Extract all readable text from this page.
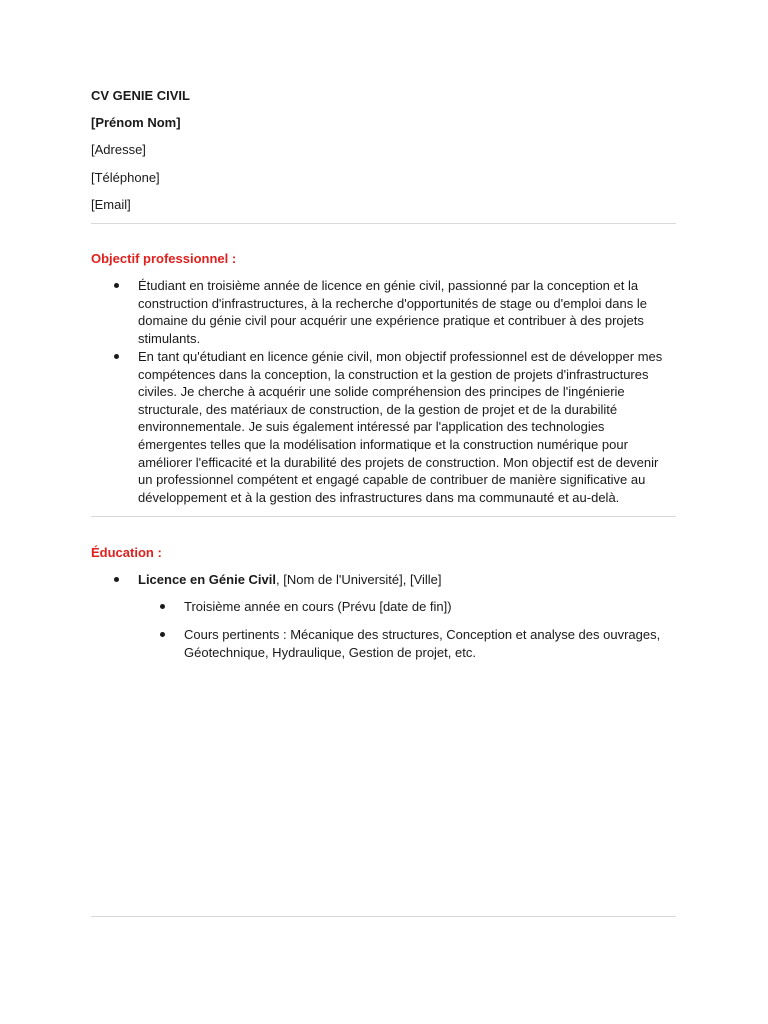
CV GENIE CIVIL
[Prénom Nom]
[Adresse]
[Téléphone]
[Email]
Objectif professionnel :
Étudiant en troisième année de licence en génie civil, passionné par la conception et la construction d'infrastructures, à la recherche d'opportunités de stage ou d'emploi dans le domaine du génie civil pour acquérir une expérience pratique et contribuer à des projets stimulants.
En tant qu'étudiant en licence génie civil, mon objectif professionnel est de développer mes compétences dans la conception, la construction et la gestion de projets d'infrastructures civiles. Je cherche à acquérir une solide compréhension des principes de l'ingénierie structurale, des matériaux de construction, de la gestion de projet et de la durabilité environnementale. Je suis également intéressé par l'application des technologies émergentes telles que la modélisation informatique et la construction numérique pour améliorer l'efficacité et la durabilité des projets de construction. Mon objectif est de devenir un professionnel compétent et engagé capable de contribuer de manière significative au développement et à la gestion des infrastructures dans ma communauté et au-delà.
Éducation :
Licence en Génie Civil, [Nom de l'Université], [Ville]
Troisième année en cours (Prévu [date de fin])
Cours pertinents : Mécanique des structures, Conception et analyse des ouvrages, Géotechnique, Hydraulique, Gestion de projet, etc.
